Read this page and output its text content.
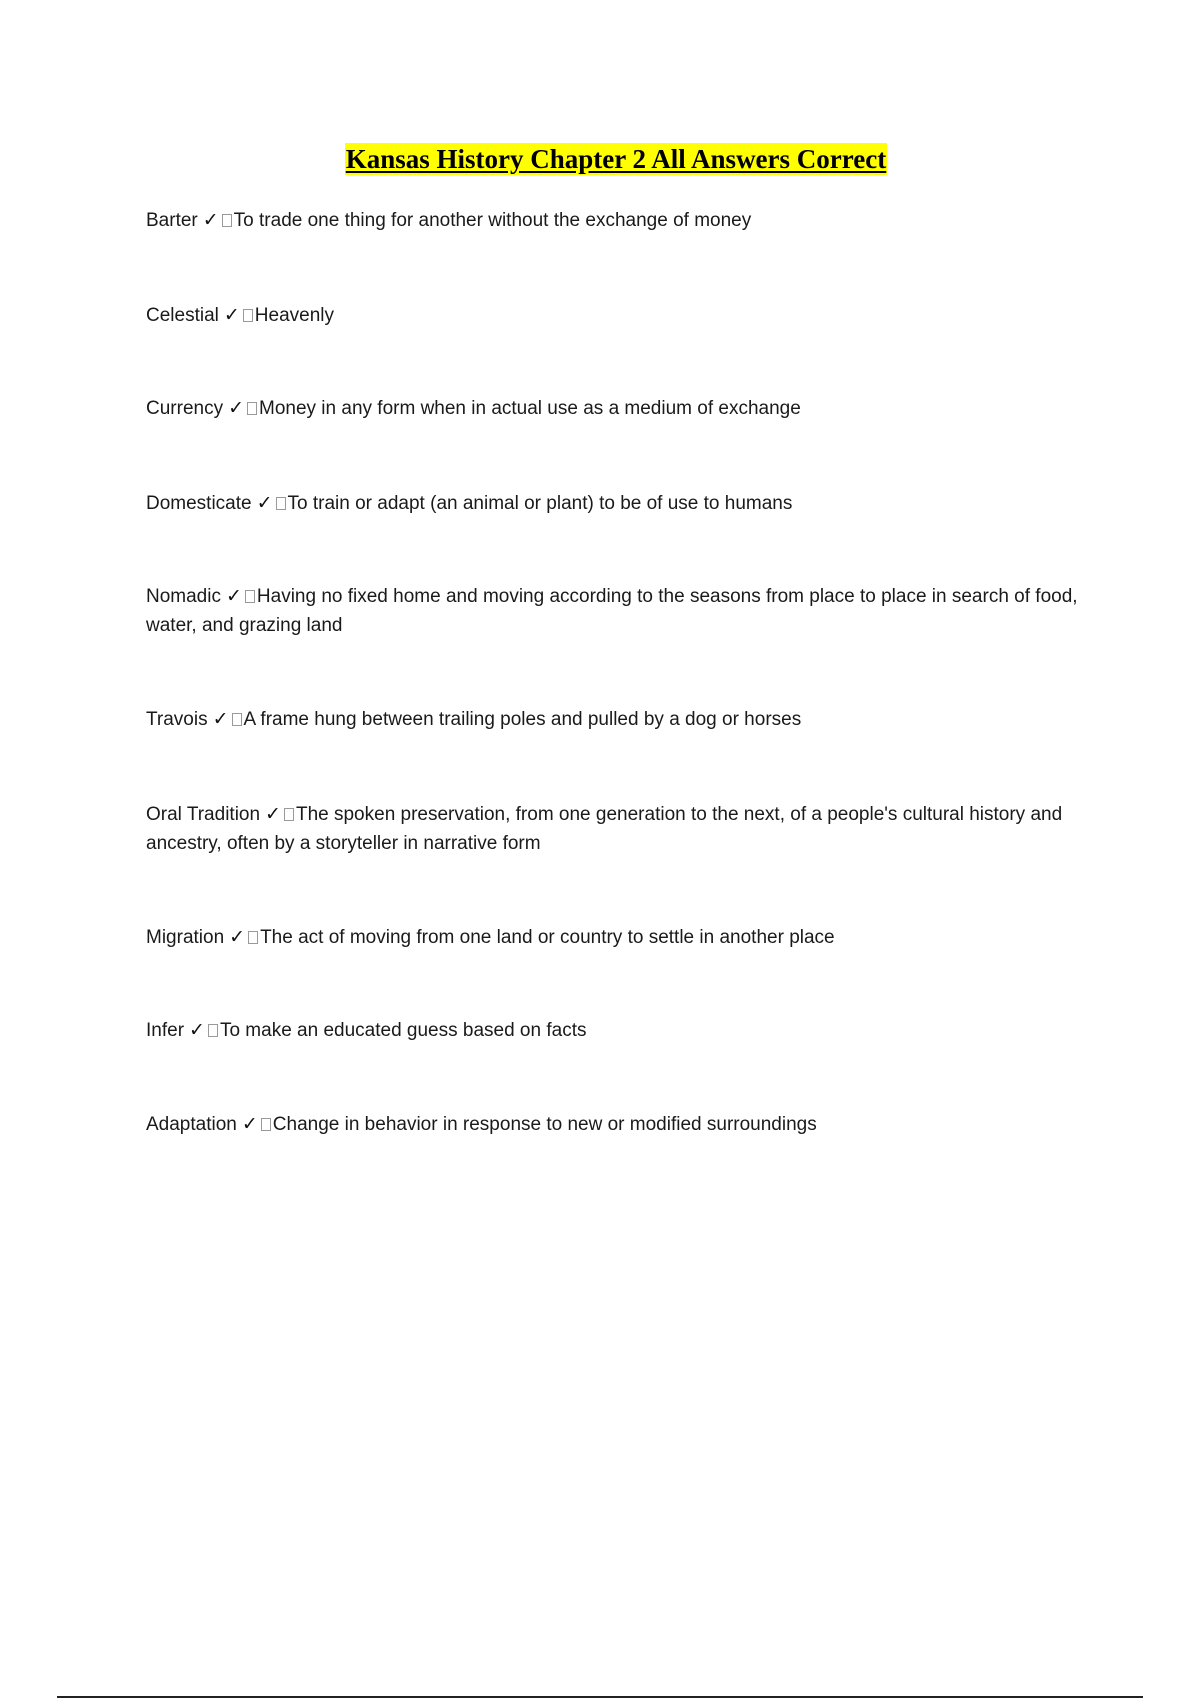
Kansas History Chapter 2 All Answers Correct
Barter ✓ To trade one thing for another without the exchange of money
Celestial ✓ Heavenly
Currency ✓ Money in any form when in actual use as a medium of exchange
Domesticate ✓ To train or adapt (an animal or plant) to be of use to humans
Nomadic ✓ Having no fixed home and moving according to the seasons from place to place in search of food, water, and grazing land
Travois ✓ A frame hung between trailing poles and pulled by a dog or horses
Oral Tradition ✓ The spoken preservation, from one generation to the next, of a people's cultural history and ancestry, often by a storyteller in narrative form
Migration ✓ The act of moving from one land or country to settle in another place
Infer ✓ To make an educated guess based on facts
Adaptation ✓ Change in behavior in response to new or modified surroundings
